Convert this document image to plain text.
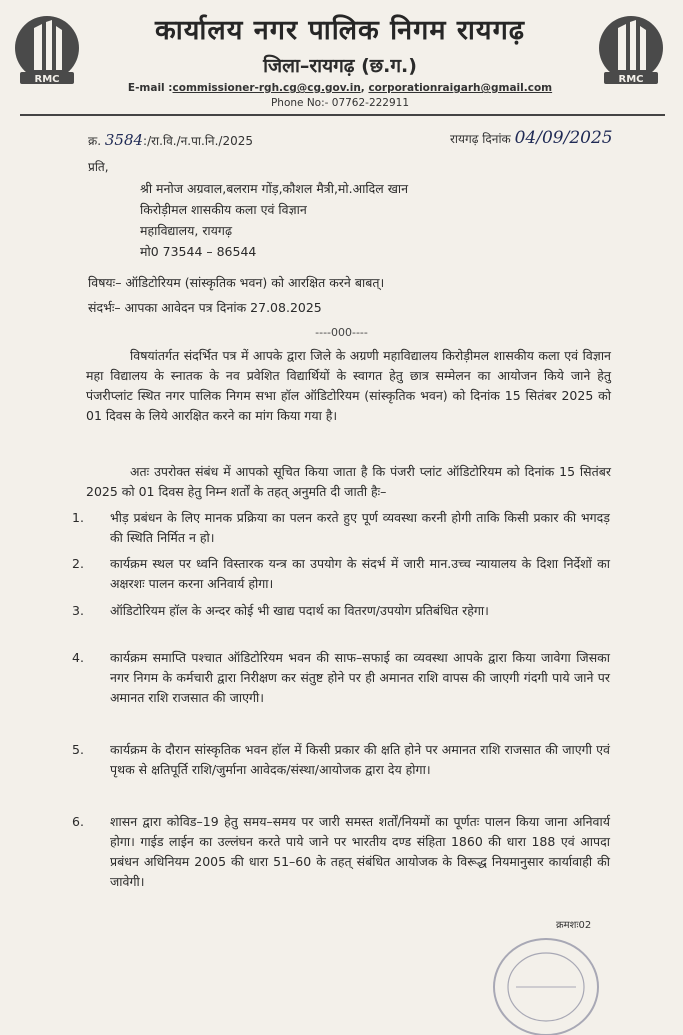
RMC	RMC
कार्यालय नगर पालिक निगम रायगढ़
जिला–रायगढ़ (छ.ग.)
E-mail :commissioner-rgh.cg@cg.gov.in, corporationraigarh@gmail.com
Phone No:- 07762-222911
क्र. 3584:/रा.वि./न.पा.नि./2025	रायगढ़ दिनांक 04/09/2025
प्रति,
श्री मनोज अग्रवाल,बलराम गोंड़,कौशल मैत्री,मो.आदिल खान
किरोड़ीमल शासकीय कला एवं विज्ञान
महाविद्यालय, रायगढ़
मो0 73544 – 86544
विषयः– ऑडिटोरियम (सांस्कृतिक भवन) को आरक्षित करने बाबत्।
संदर्भः– आपका आवेदन पत्र दिनांक 27.08.2025
----000----
विषयांतर्गत संदर्भित पत्र में आपके द्वारा जिले के अग्रणी महाविद्यालय किरोड़ीमल शासकीय कला एवं विज्ञान महा विद्यालय के स्नातक के नव प्रवेशित विद्यार्थियों के स्वागत हेतु छात्र सम्मेलन का आयोजन किये जाने हेतु पंजरीप्लांट स्थित नगर पालिक निगम सभा हॉल ऑडिटोरियम (सांस्कृतिक भवन) को दिनांक 15 सितंबर 2025 को 01 दिवस के लिये आरक्षित करने का मांग किया गया है।
अतः उपरोक्त संबंध में आपको सूचित किया जाता है कि पंजरी प्लांट ऑडिटोरियम को दिनांक 15 सितंबर 2025 को 01 दिवस हेतु निम्न शर्तों के तहत् अनुमति दी जाती हैः–
1.	भीड़ प्रबंधन के लिए मानक प्रक्रिया का पलन करते हुए पूर्ण व्यवस्था करनी होगी ताकि किसी प्रकार की भगदड़ की स्थिति निर्मित न हो।
2.	कार्यक्रम स्थल पर ध्वनि विस्तारक यन्त्र का उपयोग के संदर्भ में जारी मान.उच्च न्यायालय के दिशा निर्देशों का अक्षरशः पालन करना अनिवार्य होगा।
3.	ऑडिटोरियम हॉल के अन्दर कोई भी खाद्य पदार्थ का वितरण/उपयोग प्रतिबंधित रहेगा।
4.	कार्यक्रम समाप्ति पश्चात ऑडिटोरियम भवन की साफ–सफाई का व्यवस्था आपके द्वारा किया जावेगा जिसका नगर निगम के कर्मचारी द्वारा निरीक्षण कर संतुष्ट होने पर ही अमानत राशि वापस की जाएगी गंदगी पाये जाने पर अमानत राशि राजसात की जाएगी।
5.	कार्यक्रम के दौरान सांस्कृतिक भवन हॉल में किसी प्रकार की क्षति होने पर अमानत राशि राजसात की जाएगी एवं पृथक से क्षतिपूर्ति राशि/जुर्माना आवेदक/संस्था/आयोजक द्वारा देय होगा।
6.	शासन द्वारा कोविड–19 हेतु समय–समय पर जारी समस्त शर्तों/नियमों का पूर्णतः पालन किया जाना अनिवार्य होगा। गाईड लाईन का उल्लंघन करते पाये जाने पर भारतीय दण्ड संहिता 1860 की धारा 188 एवं आपदा प्रबंधन अधिनियम 2005 की धारा 51–60 के तहत् संबंधित आयोजक के विरूद्ध नियमानुसार कार्यावाही की जावेगी।
क्रमशः02
